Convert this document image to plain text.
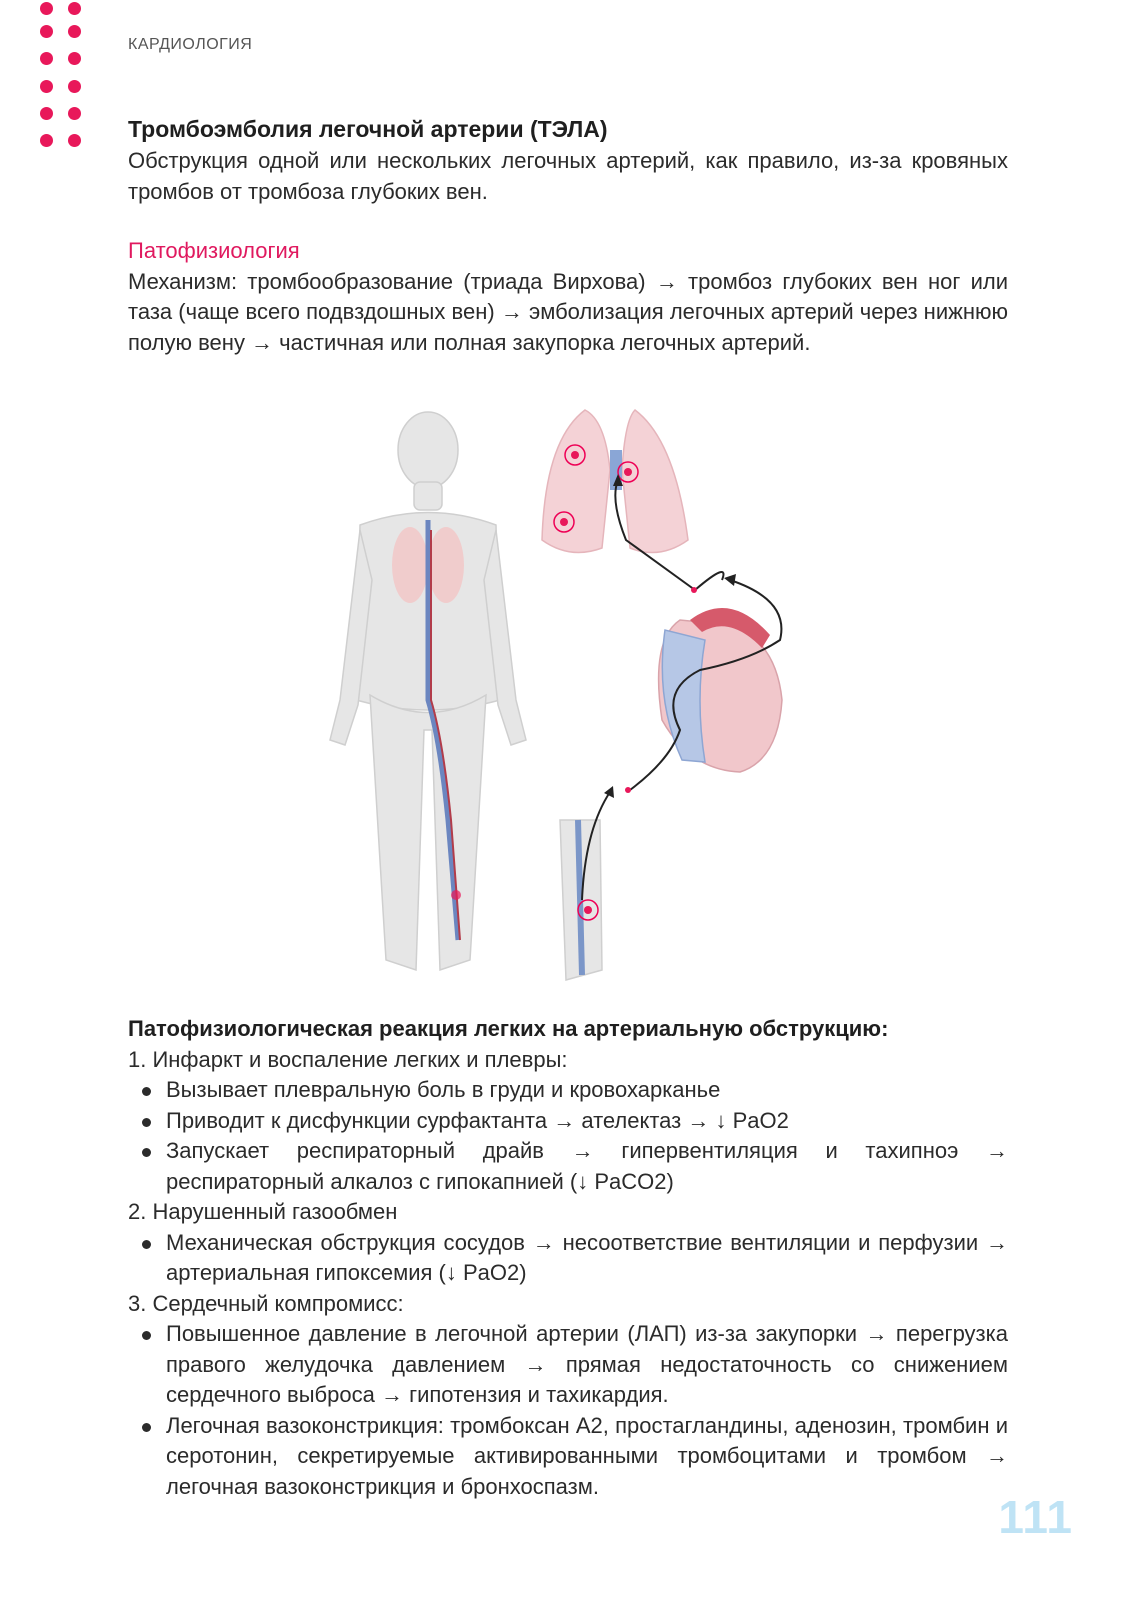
КАРДИОЛОГИЯ
Тромбоэмболия легочной артерии (ТЭЛА)

Обструкция одной или нескольких легочных артерий, как правило, из-за кровяных тромбов от тромбоза глубоких вен.

Патофизиология

Механизм: тромбообразование (триада Вирхова) → тромбоз глубоких вен ног или таза (чаще всего подвздошных вен) → эмболизация легочных артерий через нижнюю полую вену → частичная или полная закупорка легочных артерий.

Патофизиологическая реакция легких на артериальную обструкцию:

1. Инфаркт и воспаление легких и плевры:
Вызывает плевральную боль в груди и кровохарканье
Приводит к дисфункции сурфактанта → ателектаз → ↓ PaO2
Запускает респираторный драйв → гипервентиляция и тахипноэ → респираторный алкалоз с гипокапнией (↓ PaCO2)
2. Нарушенный газообмен
Механическая обструкция сосудов → несоответствие вентиляции и перфузии → артериальная гипоксемия (↓ PaO2)
3. Сердечный компромисс:
Повышенное давление в легочной артерии (ЛАП) из-за закупорки → перегрузка правого желудочка давлением → прямая недостаточность со снижением сердечного выброса → гипотензия и тахикардия.
Легочная вазоконстрикция: тромбоксан A2, простагландины, аденозин, тромбин и серотонин, секретируемые активированными тромбоцитами и тромбом → легочная вазоконстрикция и бронхоспазм.
111
